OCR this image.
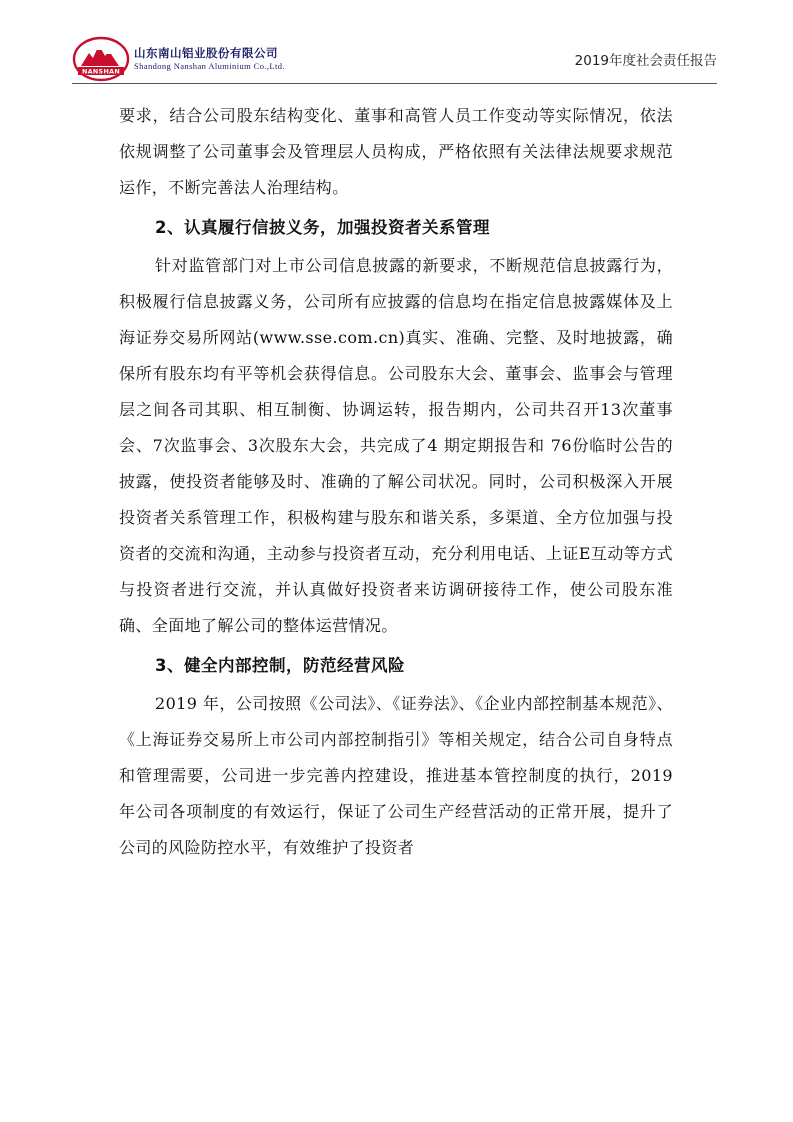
NANSHAN
山东南山铝业股份有限公司
Shandong Nanshan Aluminium Co.,Ltd.	2019年度社会责任报告

要求，结合公司股东结构变化、董事和高管人员工作变动等实际情况，依法依规调整了公司董事会及管理层人员构成，严格依照有关法律法规要求规范运作，不断完善法人治理结构。

2、认真履行信披义务，加强投资者关系管理

针对监管部门对上市公司信息披露的新要求，不断规范信息披露行为，积极履行信息披露义务，公司所有应披露的信息均在指定信息披露媒体及上海证券交易所网站(www.sse.com.cn)真实、准确、完整、及时地披露，确保所有股东均有平等机会获得信息。公司股东大会、董事会、监事会与管理层之间各司其职、相互制衡、协调运转，报告期内，公司共召开13次董事会、7次监事会、3次股东大会，共完成了4 期定期报告和 76份临时公告的披露，使投资者能够及时、准确的了解公司状况。同时，公司积极深入开展投资者关系管理工作，积极构建与股东和谐关系，多渠道、全方位加强与投资者的交流和沟通，主动参与投资者互动，充分利用电话、上证E互动等方式与投资者进行交流，并认真做好投资者来访调研接待工作，使公司股东准确、全面地了解公司的整体运营情况。

3、健全内部控制，防范经营风险

2019 年，公司按照《公司法》、《证券法》、《企业内部控制基本规范》、《上海证券交易所上市公司内部控制指引》等相关规定，结合公司自身特点和管理需要，公司进一步完善内控建设，推进基本管控制度的执行，2019 年公司各项制度的有效运行，保证了公司生产经营活动的正常开展，提升了公司的风险防控水平，有效维护了投资者
